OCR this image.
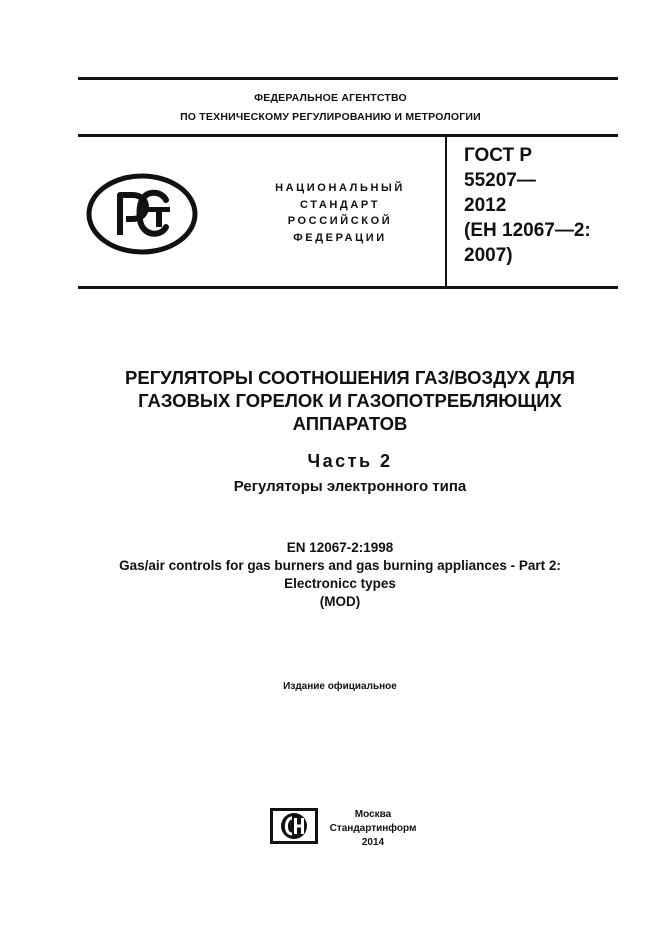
ФЕДЕРАЛЬНОЕ АГЕНТСТВО
ПО ТЕХНИЧЕСКОМУ РЕГУЛИРОВАНИЮ И МЕТРОЛОГИИ
НАЦИОНАЛЬНЫЙ
СТАНДАРТ
РОССИЙСКОЙ
ФЕДЕРАЦИИ
ГОСТ Р
55207—
2012
(ЕН 12067—2:
2007)
РЕГУЛЯТОРЫ СООТНОШЕНИЯ ГАЗ/ВОЗДУХ ДЛЯ
ГАЗОВЫХ ГОРЕЛОК И ГАЗОПОТРЕБЛЯЮЩИХ
АППАРАТОВ
Часть 2
Регуляторы электронного типа
EN 12067-2:1998
Gas/air controls for gas burners and gas burning appliances - Part 2:
Electronicc types
(MOD)
Издание официальное
Москва
Стандартинформ
2014
